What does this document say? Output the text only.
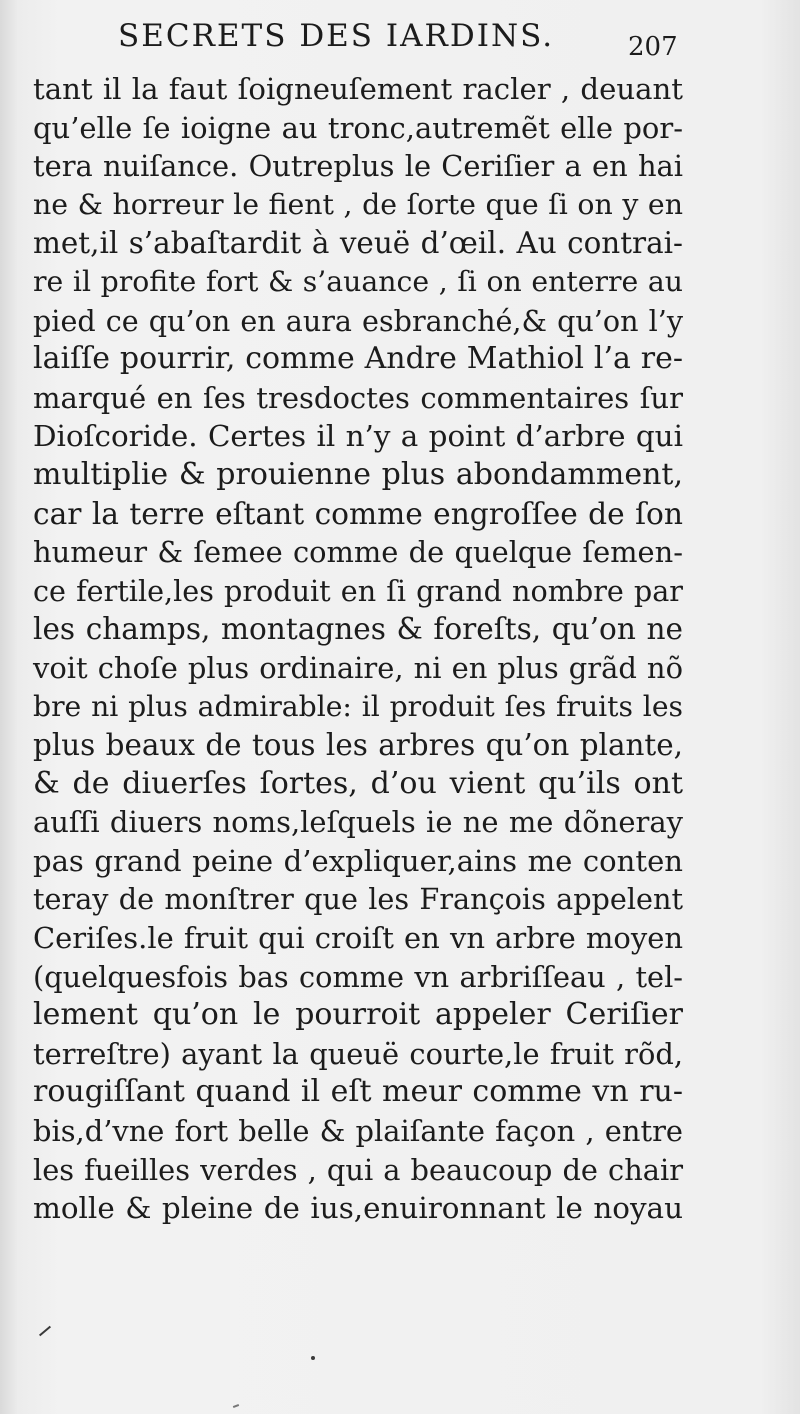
SECRETS DES IARDINS.	207
tant il la faut ſoigneuſement racler , deuant
qu’elle ſe ioigne au tronc,autremẽt elle por-
tera nuiſance. Outreplus le Ceriſier a en hai
ne & horreur le fient , de ſorte que ſi on y en
met,il s’abaſtardit à veuë d’œil. Au contrai-
re il profite fort & s’auance , ſi on enterre au
pied ce qu’on en aura esbranché,& qu’on l’y
laiſſe pourrir, comme Andre Mathiol l’a re-
marqué en ſes tresdoctes commentaires ſur
Dioſcoride. Certes il n’y a point d’arbre qui
multiplie & prouienne plus abondamment,
car la terre eſtant comme engroſſee de ſon
humeur & ſemee comme de quelque ſemen-
ce fertile,les produit en ſi grand nombre par
les champs, montagnes & foreſts, qu’on ne
voit choſe plus ordinaire, ni en plus grãd nõ
bre ni plus admirable: il produit ſes fruits les
plus beaux de tous les arbres qu’on plante,
& de diuerſes ſortes, d’ou vient qu’ils ont
auſſi diuers noms,leſquels ie ne me dõneray
pas grand peine d’expliquer,ains me conten
teray de monſtrer que les François appelent
Ceriſes.le fruit qui croiſt en vn arbre moyen
(quelquesfois bas comme vn arbriſſeau , tel-
lement qu’on le pourroit appeler Ceriſier
terreſtre) ayant la queuë courte,le fruit rõd,
rougiſſant quand il eſt meur comme vn ru-
bis,d’vne fort belle & plaiſante façon , entre
les fueilles verdes , qui a beaucoup de chair
molle & pleine de ius,enuironnant le noyau
